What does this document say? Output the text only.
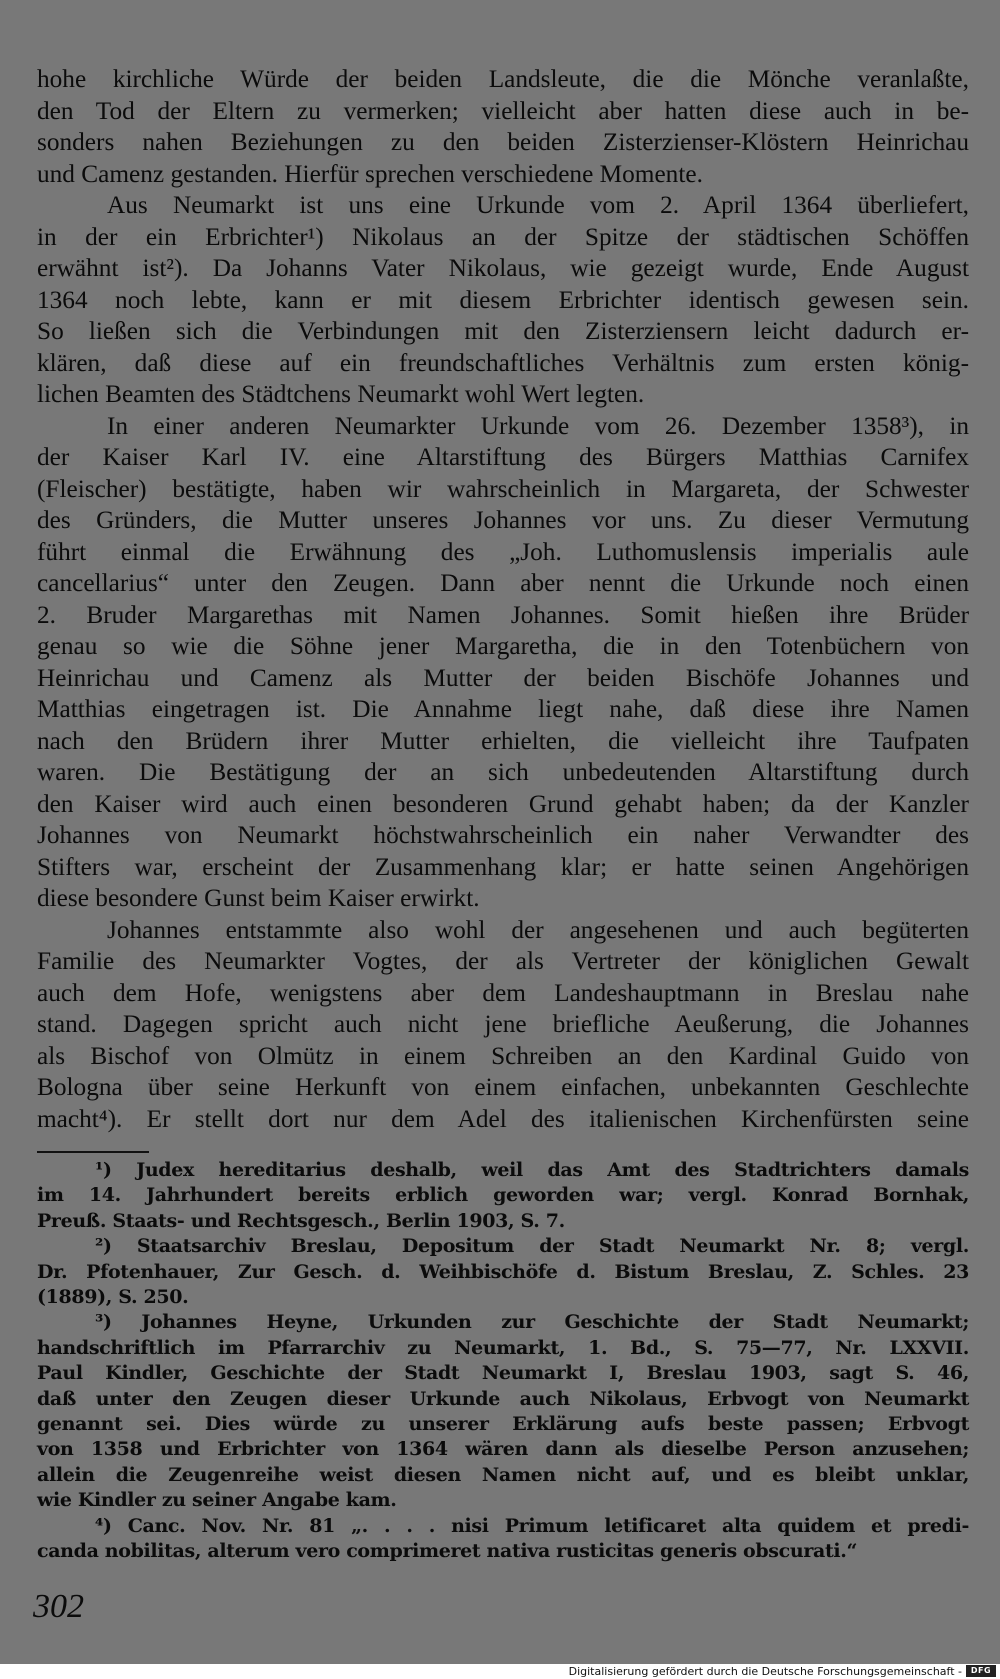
hohe kirchliche Würde der beiden Landsleute, die die Mönche veranlaßte,
den Tod der Eltern zu vermerken; vielleicht aber hatten diese auch in be-
sonders nahen Beziehungen zu den beiden Zisterzienser-Klöstern Heinrichau
und Camenz gestanden. Hierfür sprechen verschiedene Momente.
Aus Neumarkt ist uns eine Urkunde vom 2. April 1364 überliefert,
in der ein Erbrichter¹) Nikolaus an der Spitze der städtischen Schöffen
erwähnt ist²). Da Johanns Vater Nikolaus, wie gezeigt wurde, Ende August
1364 noch lebte, kann er mit diesem Erbrichter identisch gewesen sein.
So ließen sich die Verbindungen mit den Zisterziensern leicht dadurch er-
klären, daß diese auf ein freundschaftliches Verhältnis zum ersten könig-
lichen Beamten des Städtchens Neumarkt wohl Wert legten.
In einer anderen Neumarkter Urkunde vom 26. Dezember 1358³), in
der Kaiser Karl IV. eine Altarstiftung des Bürgers Matthias Carnifex
(Fleischer) bestätigte, haben wir wahrscheinlich in Margareta, der Schwester
des Gründers, die Mutter unseres Johannes vor uns. Zu dieser Vermutung
führt einmal die Erwähnung des „Joh. Luthomuslensis imperialis aule
cancellarius“ unter den Zeugen. Dann aber nennt die Urkunde noch einen
2. Bruder Margarethas mit Namen Johannes. Somit hießen ihre Brüder
genau so wie die Söhne jener Margaretha, die in den Totenbüchern von
Heinrichau und Camenz als Mutter der beiden Bischöfe Johannes und
Matthias eingetragen ist. Die Annahme liegt nahe, daß diese ihre Namen
nach den Brüdern ihrer Mutter erhielten, die vielleicht ihre Taufpaten
waren. Die Bestätigung der an sich unbedeutenden Altarstiftung durch
den Kaiser wird auch einen besonderen Grund gehabt haben; da der Kanzler
Johannes von Neumarkt höchstwahrscheinlich ein naher Verwandter des
Stifters war, erscheint der Zusammenhang klar; er hatte seinen Angehörigen
diese besondere Gunst beim Kaiser erwirkt.
Johannes entstammte also wohl der angesehenen und auch begüterten
Familie des Neumarkter Vogtes, der als Vertreter der königlichen Gewalt
auch dem Hofe, wenigstens aber dem Landeshauptmann in Breslau nahe
stand. Dagegen spricht auch nicht jene briefliche Aeußerung, die Johannes
als Bischof von Olmütz in einem Schreiben an den Kardinal Guido von
Bologna über seine Herkunft von einem einfachen, unbekannten Geschlechte
macht⁴). Er stellt dort nur dem Adel des italienischen Kirchenfürsten seine
¹) Judex hereditarius deshalb, weil das Amt des Stadtrichters damals
im 14. Jahrhundert bereits erblich geworden war; vergl. Konrad Bornhak,
Preuß. Staats- und Rechtsgesch., Berlin 1903, S. 7.
²) Staatsarchiv Breslau, Depositum der Stadt Neumarkt Nr. 8; vergl.
Dr. Pfotenhauer, Zur Gesch. d. Weihbischöfe d. Bistum Breslau, Z. Schles. 23
(1889), S. 250.
³) Johannes Heyne, Urkunden zur Geschichte der Stadt Neumarkt;
handschriftlich im Pfarrarchiv zu Neumarkt, 1. Bd., S. 75—77, Nr. LXXVII.
Paul Kindler, Geschichte der Stadt Neumarkt I, Breslau 1903, sagt S. 46,
daß unter den Zeugen dieser Urkunde auch Nikolaus, Erbvogt von Neumarkt
genannt sei. Dies würde zu unserer Erklärung aufs beste passen; Erbvogt
von 1358 und Erbrichter von 1364 wären dann als dieselbe Person anzusehen;
allein die Zeugenreihe weist diesen Namen nicht auf, und es bleibt unklar,
wie Kindler zu seiner Angabe kam.
⁴) Canc. Nov. Nr. 81 „. . . . nisi Primum letificaret alta quidem et predi-
canda nobilitas, alterum vero comprimeret nativa rusticitas generis obscurati.“
302
Digitalisierung gefördert durch die Deutsche Forschungsgemeinschaft -	DFG
